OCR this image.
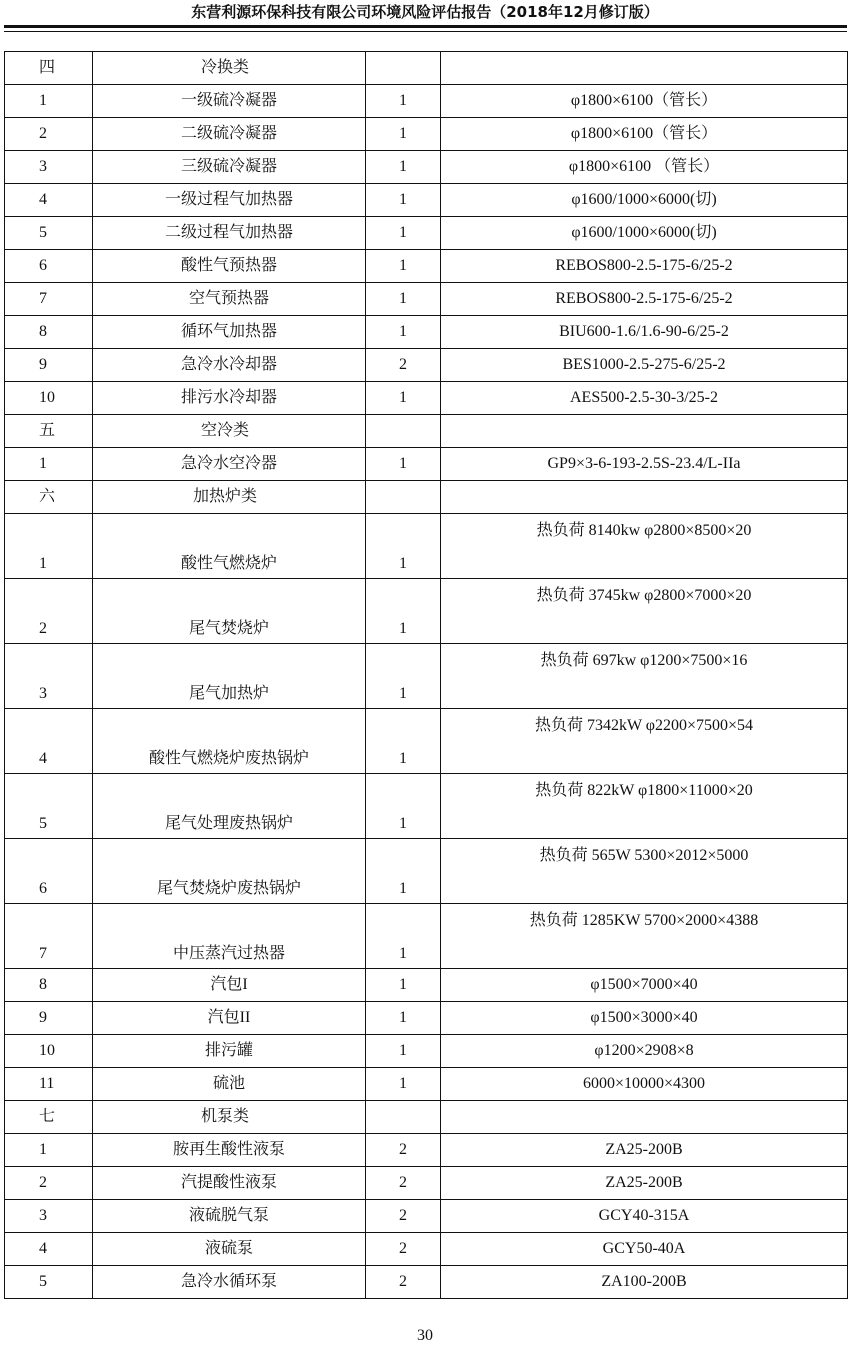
东营利源环保科技有限公司环境风险评估报告（2018年12月修订版）
四	冷换类		
1	一级硫冷凝器	1	φ1800×6100（管长）
2	二级硫冷凝器	1	φ1800×6100（管长）
3	三级硫冷凝器	1	φ1800×6100 （管长）
4	一级过程气加热器	1	φ1600/1000×6000(切)
5	二级过程气加热器	1	φ1600/1000×6000(切)
6	酸性气预热器	1	REBOS800-2.5-175-6/25-2
7	空气预热器	1	REBOS800-2.5-175-6/25-2
8	循环气加热器	1	BIU600-1.6/1.6-90-6/25-2
9	急冷水冷却器	2	BES1000-2.5-275-6/25-2
10	排污水冷却器	1	AES500-2.5-30-3/25-2
五	空冷类		
1	急冷水空冷器	1	GP9×3-6-193-2.5S-23.4/L-IIa
六	加热炉类		
1	酸性气燃烧炉	1	热负荷 8140kw φ2800×8500×20
2	尾气焚烧炉	1	热负荷 3745kw φ2800×7000×20
3	尾气加热炉	1	热负荷 697kw φ1200×7500×16
4	酸性气燃烧炉废热锅炉	1	热负荷 7342kW φ2200×7500×54
5	尾气处理废热锅炉	1	热负荷 822kW φ1800×11000×20
6	尾气焚烧炉废热锅炉	1	热负荷 565W 5300×2012×5000
7	中压蒸汽过热器	1	热负荷 1285KW 5700×2000×4388
8	汽包I	1	φ1500×7000×40
9	汽包II	1	φ1500×3000×40
10	排污罐	1	φ1200×2908×8
11	硫池	1	6000×10000×4300
七	机泵类		
1	胺再生酸性液泵	2	ZA25-200B
2	汽提酸性液泵	2	ZA25-200B
3	液硫脱气泵	2	GCY40-315A
4	液硫泵	2	GCY50-40A
5	急冷水循环泵	2	ZA100-200B
30
